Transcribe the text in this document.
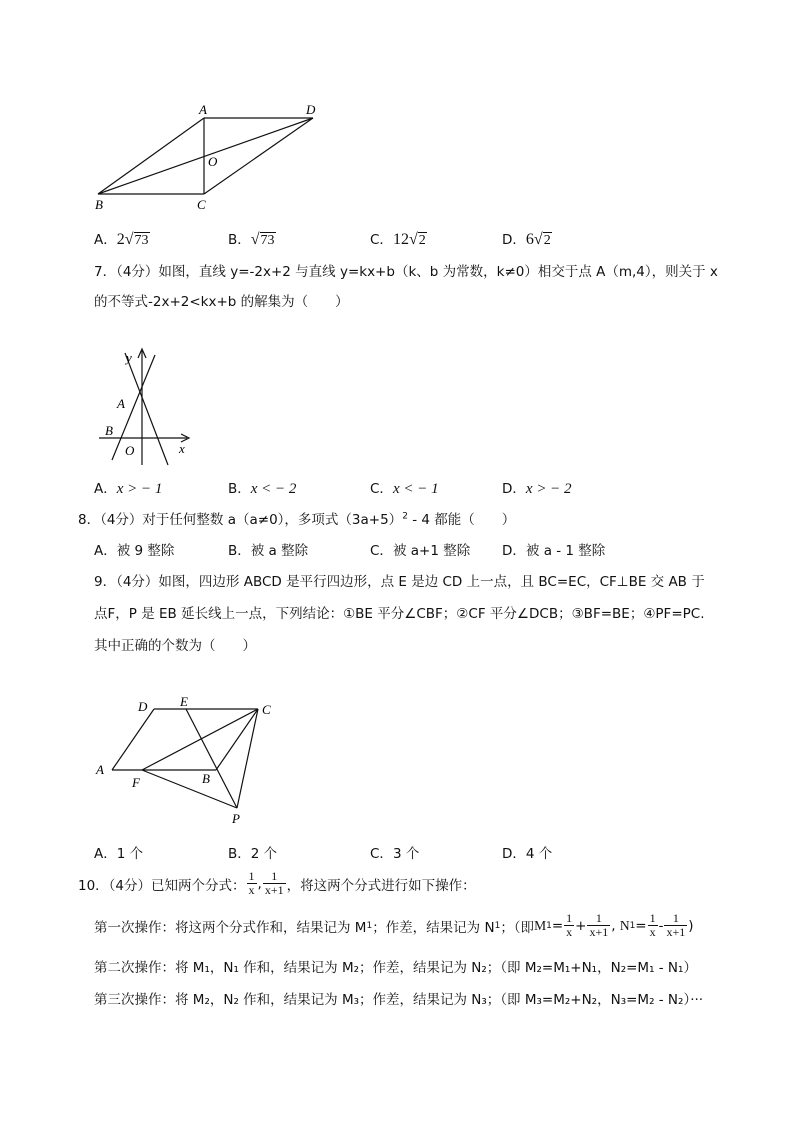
A	D
O
B	C
A．2√73	B．√73	C．12√2	D．6√2
7．（4分）如图，直线 y=-2x+2 与直线 y=kx+b（k、b 为常数，k≠0）相交于点 A（m,4），则关于 x
的不等式-2x+2<kx+b 的解集为（　　）
y
x
A
B
O
A．x > − 1	B．x < − 2	C．x < − 1	D．x > − 2
8．（4分）对于任何整数 a（a≠0），多项式$(3a+5)^2 - 4$ 都能（　　）
A．被 9 整除	B．被 a 整除	C．被 a+1 整除 D．被 a - 1 整除
9．（4分）如图，四边形 ABCD 是平行四边形，点 E 是边 CD 上一点，且 BC=EC，CF⊥BE 交 AB 于
点F，P 是 EB 延长线上一点，下列结论：①BE 平分∠CBF；②CF 平分∠DCB；③BF=BE；④PF=PC.
其中正确的个数为（　　）
D	E
C
A
F	B
P
A．1 个	B．2 个	C．3 个	D．4 个
10．（4分）已知两个分式： $\frac{1}{x}$ , $\frac{1}{x+1}$ ，将这两个分式进行如下操作：
第一次操作：将这两个分式作和，结果记为 M 1 ；作差，结果记为 N 1 ；（即 M $1 = \frac{1}{x} + \frac{1}{x+1}$ , N $1 = \frac{1}{x} - \frac{1}{x+1}$ )
第二次操作：将 M₁，N₁ 作和，结果记为 M₂；作差，结果记为 N₂；（即 M₂=M₁+N₁，N₂=M₁ - N₁）
第三次操作：将 M₂，N₂ 作和，结果记为 M₃；作差，结果记为 N₃；（即 M₃=M₂+N₂，N₃=M₂ - N₂）···
